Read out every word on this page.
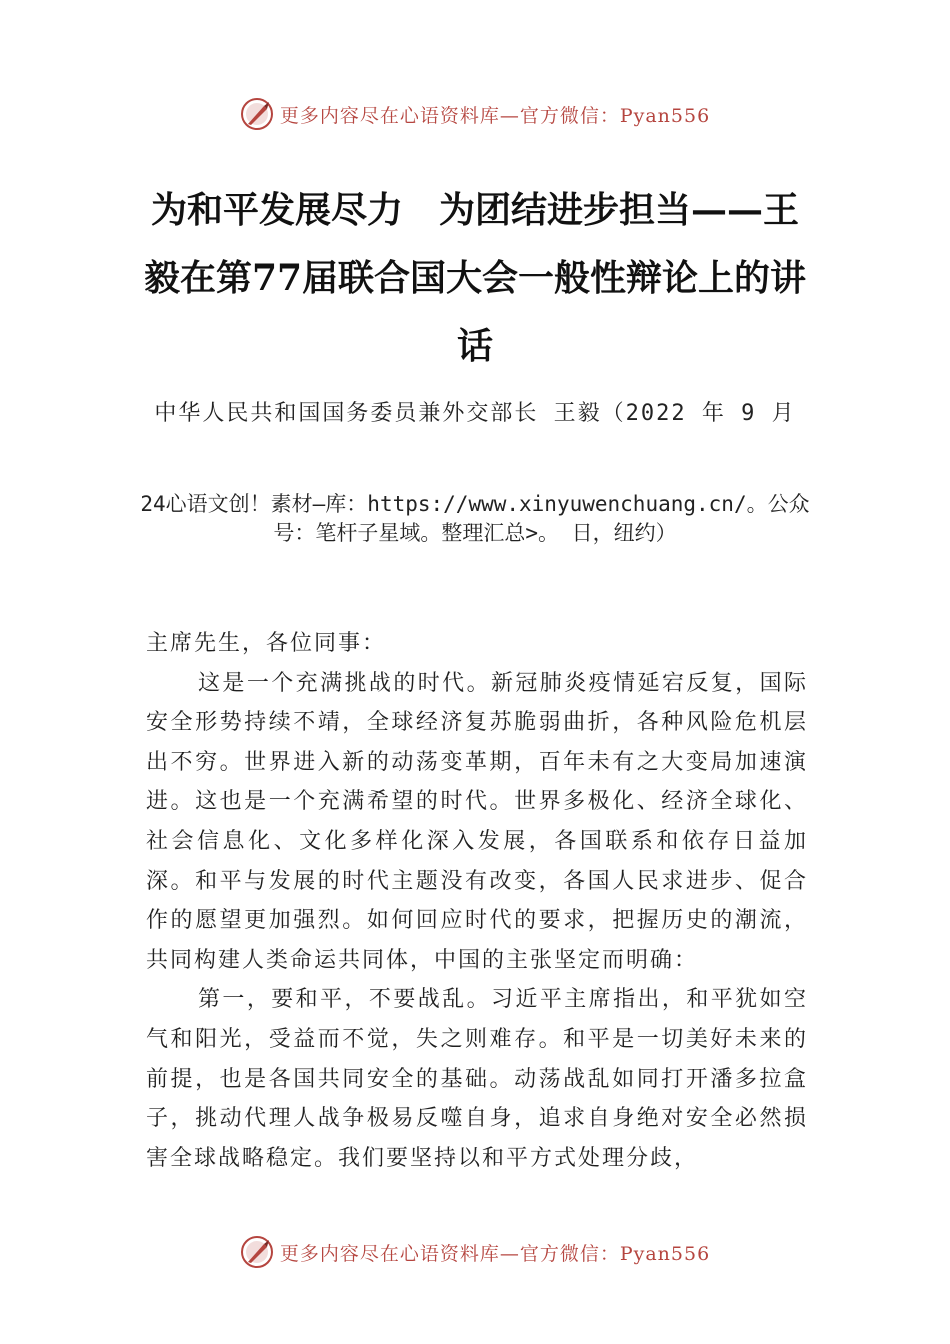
更多内容尽在心语资料库—官方微信：Pyan556
为和平发展尽力　为团结进步担当——王毅在第77届联合国大会一般性辩论上的讲话
中华人民共和国国务委员兼外交部长 王毅（2022 年 9 月
24心语文创！素材—库：https://www.xinyuwenchuang.cn/。公众号：笔杆子星域。整理汇总>。 日，纽约）

主席先生，各位同事：

这是一个充满挑战的时代。新冠肺炎疫情延宕反复，国际安全形势持续不靖，全球经济复苏脆弱曲折，各种风险危机层出不穷。世界进入新的动荡变革期，百年未有之大变局加速演进。这也是一个充满希望的时代。世界多极化、经济全球化、社会信息化、文化多样化深入发展，各国联系和依存日益加深。和平与发展的时代主题没有改变，各国人民求进步、促合作的愿望更加强烈。如何回应时代的要求，把握历史的潮流，共同构建人类命运共同体，中国的主张坚定而明确：

第一，要和平，不要战乱。习近平主席指出，和平犹如空气和阳光，受益而不觉，失之则难存。和平是一切美好未来的前提，也是各国共同安全的基础。动荡战乱如同打开潘多拉盒子，挑动代理人战争极易反噬自身，追求自身绝对安全必然损害全球战略稳定。我们要坚持以和平方式处理分歧，

更多内容尽在心语资料库—官方微信：Pyan556
